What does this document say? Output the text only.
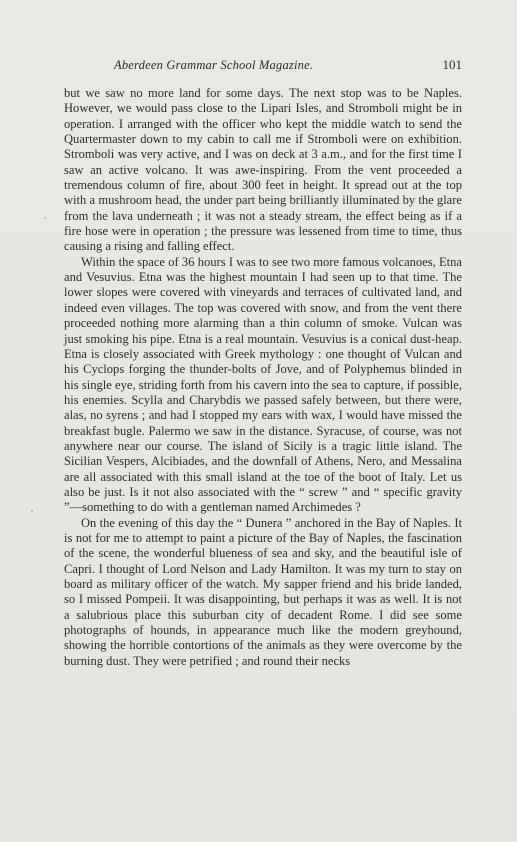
Aberdeen Grammar School Magazine.	101

but we saw no more land for some days. The next stop was to be Naples. However, we would pass close to the Lipari Isles, and Stromboli might be in operation. I arranged with the officer who kept the middle watch to send the Quartermaster down to my cabin to call me if Stromboli were on exhibition. Stromboli was very active, and I was on deck at 3 a.m., and for the first time I saw an active volcano. It was awe-inspiring. From the vent proceeded a tremendous column of fire, about 300 feet in height. It spread out at the top with a mushroom head, the under part being brilliantly illuminated by the glare from the lava underneath ; it was not a steady stream, the effect being as if a fire hose were in operation ; the pressure was lessened from time to time, thus causing a rising and falling effect.

Within the space of 36 hours I was to see two more famous volcanoes, Etna and Vesuvius. Etna was the highest mountain I had seen up to that time. The lower slopes were covered with vineyards and terraces of cultivated land, and indeed even villages. The top was covered with snow, and from the vent there proceeded nothing more alarming than a thin column of smoke. Vulcan was just smoking his pipe. Etna is a real mountain. Vesuvius is a conical dust-heap. Etna is closely associated with Greek mythology : one thought of Vulcan and his Cyclops forging the thunder-bolts of Jove, and of Polyphemus blinded in his single eye, striding forth from his cavern into the sea to capture, if possible, his enemies. Scylla and Charybdis we passed safely between, but there were, alas, no syrens ; and had I stopped my ears with wax, I would have missed the breakfast bugle. Palermo we saw in the distance. Syracuse, of course, was not anywhere near our course. The island of Sicily is a tragic little island. The Sicilian Vespers, Alcibiades, and the downfall of Athens, Nero, and Messalina are all associated with this small island at the toe of the boot of Italy. Let us also be just. Is it not also associated with the “ screw ” and “ specific gravity ”—something to do with a gentleman named Archimedes ?

On the evening of this day the “ Dunera ” anchored in the Bay of Naples. It is not for me to attempt to paint a picture of the Bay of Naples, the fascination of the scene, the wonderful blueness of sea and sky, and the beautiful isle of Capri. I thought of Lord Nelson and Lady Hamilton. It was my turn to stay on board as military officer of the watch. My sapper friend and his bride landed, so I missed Pompeii. It was disappointing, but perhaps it was as well. It is not a salubrious place this suburban city of decadent Rome. I did see some photographs of hounds, in appearance much like the modern greyhound, showing the horrible contortions of the animals as they were overcome by the burning dust. They were petrified ; and round their necks
